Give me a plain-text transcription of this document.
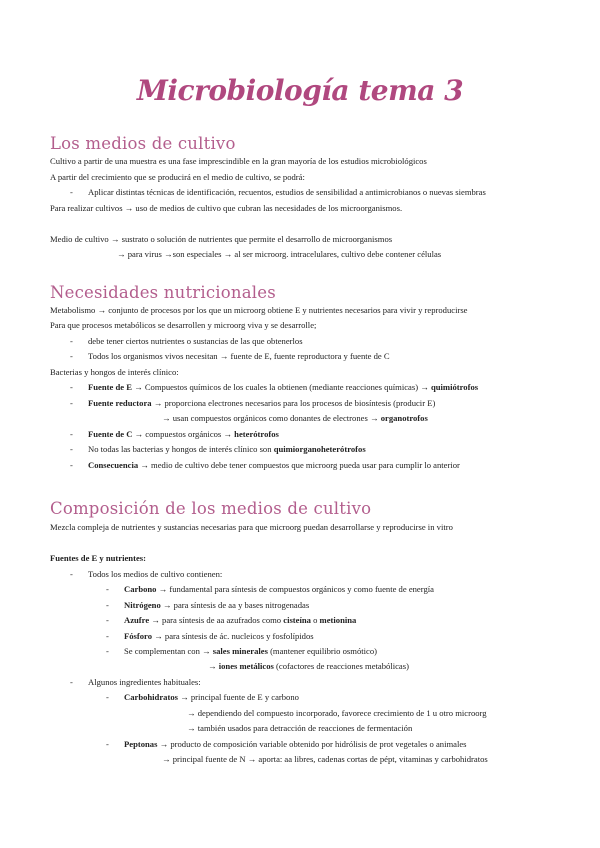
Microbiología tema 3
Los medios de cultivo
Cultivo a partir de una muestra es una fase imprescindible en la gran mayoría de los estudios microbiológicos
A partir del crecimiento que se producirá en el medio de cultivo, se podrá:
- Aplicar distintas técnicas de identificación, recuentos, estudios de sensibilidad a antimicrobianos o nuevas siembras
Para realizar cultivos → uso de medios de cultivo que cubran las necesidades de los microorganismos.
Medio de cultivo → sustrato o solución de nutrientes que permite el desarrollo de microorganismos
→ para virus →son especiales → al ser microorg. intracelulares, cultivo debe contener células
Necesidades nutricionales
Metabolismo → conjunto de procesos por los que un microorg obtiene E y nutrientes necesarios para vivir y reproducirse
Para que procesos metabólicos se desarrollen y microorg viva y se desarrolle;
- debe tener ciertos nutrientes o sustancias de las que obtenerlos
- Todos los organismos vivos necesitan → fuente de E, fuente reproductora y fuente de C
Bacterias y hongos de interés clínico:
- Fuente de E → Compuestos químicos de los cuales la obtienen (mediante reacciones químicas) → quimiótrofos
- Fuente reductora → proporciona electrones necesarios para los procesos de biosíntesis (producir E)
→ usan compuestos orgánicos como donantes de electrones → organotrofos
- Fuente de C → compuestos orgánicos → heterótrofos
- No todas las bacterias y hongos de interés clínico son quimiorganoheterótrofos
- Consecuencia → medio de cultivo debe tener compuestos que microorg pueda usar para cumplir lo anterior
Composición de los medios de cultivo
Mezcla compleja de nutrientes y sustancias necesarias para que microorg puedan desarrollarse y reproducirse in vitro
Fuentes de E y nutrientes:
- Todos los medios de cultivo contienen:
- Carbono → fundamental para síntesis de compuestos orgánicos y como fuente de energía
- Nitrógeno → para síntesis de aa y bases nitrogenadas
- Azufre → para síntesis de aa azufrados como cisteína o metionina
- Fósforo → para síntesis de ác. nucleicos y fosfolípidos
- Se complementan con → sales minerales (mantener equilibrio osmótico)
→ iones metálicos (cofactores de reacciones metabólicas)
- Algunos ingredientes habituales:
- Carbohidratos → principal fuente de E y carbono
→ dependiendo del compuesto incorporado, favorece crecimiento de 1 u otro microorg
→ también usados para detracción de reacciones de fermentación
- Peptonas → producto de composición variable obtenido por hidrólisis de prot vegetales o animales
→ principal fuente de N → aporta: aa libres, cadenas cortas de pépt, vitaminas y carbohidratos
